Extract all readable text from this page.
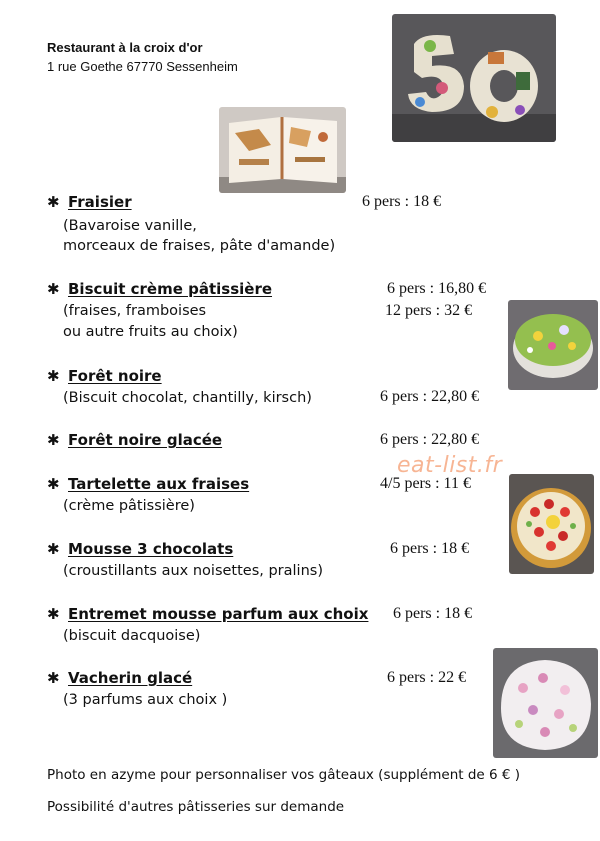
Restaurant à la croix d'or
1 rue Goethe 67770 Sessenheim
✱ Fraisier	6 pers : 18 €
(Bavaroise vanille,
morceaux de fraises, pâte d'amande)
✱ Biscuit crème pâtissière	6 pers : 16,80 €
12 pers : 32 €
(fraises, framboises
ou autre fruits au choix)
✱ Forêt noire
(Biscuit chocolat, chantilly, kirsch)	6 pers : 22,80 €
✱ Forêt noire glacée	6 pers : 22,80 €
✱ Tartelette aux fraises	4/5 pers : 11 €
(crème pâtissière)
✱ Mousse 3 chocolats	6 pers : 18 €
(croustillants aux noisettes, pralins)
✱ Entremet mousse parfum aux choix 6 pers : 18 €
(biscuit dacquoise)
✱ Vacherin glacé	6 pers : 22 €
(3 parfums aux choix )
eat-list.fr
Photo en azyme pour personnaliser vos gâteaux (supplément de 6 € )
Possibilité d'autres pâtisseries sur demande
